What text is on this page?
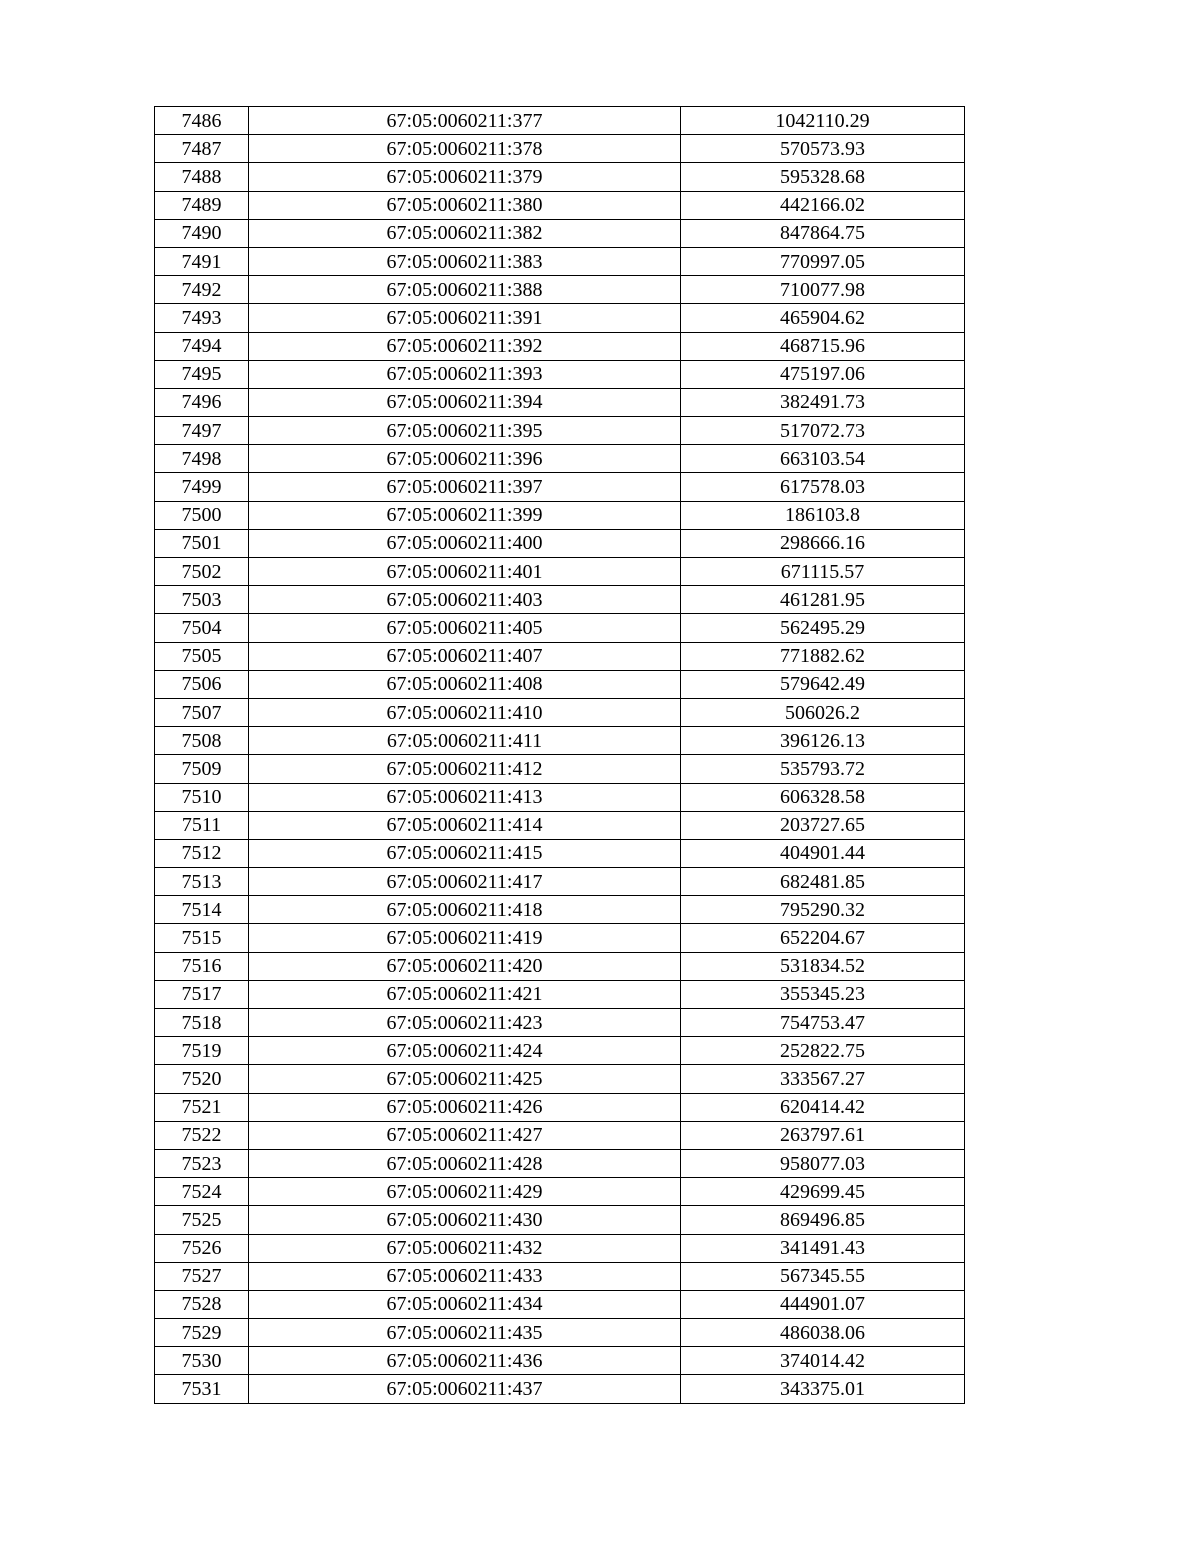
7486	67:05:0060211:377	1042110.29
7487	67:05:0060211:378	570573.93
7488	67:05:0060211:379	595328.68
7489	67:05:0060211:380	442166.02
7490	67:05:0060211:382	847864.75
7491	67:05:0060211:383	770997.05
7492	67:05:0060211:388	710077.98
7493	67:05:0060211:391	465904.62
7494	67:05:0060211:392	468715.96
7495	67:05:0060211:393	475197.06
7496	67:05:0060211:394	382491.73
7497	67:05:0060211:395	517072.73
7498	67:05:0060211:396	663103.54
7499	67:05:0060211:397	617578.03
7500	67:05:0060211:399	186103.8
7501	67:05:0060211:400	298666.16
7502	67:05:0060211:401	671115.57
7503	67:05:0060211:403	461281.95
7504	67:05:0060211:405	562495.29
7505	67:05:0060211:407	771882.62
7506	67:05:0060211:408	579642.49
7507	67:05:0060211:410	506026.2
7508	67:05:0060211:411	396126.13
7509	67:05:0060211:412	535793.72
7510	67:05:0060211:413	606328.58
7511	67:05:0060211:414	203727.65
7512	67:05:0060211:415	404901.44
7513	67:05:0060211:417	682481.85
7514	67:05:0060211:418	795290.32
7515	67:05:0060211:419	652204.67
7516	67:05:0060211:420	531834.52
7517	67:05:0060211:421	355345.23
7518	67:05:0060211:423	754753.47
7519	67:05:0060211:424	252822.75
7520	67:05:0060211:425	333567.27
7521	67:05:0060211:426	620414.42
7522	67:05:0060211:427	263797.61
7523	67:05:0060211:428	958077.03
7524	67:05:0060211:429	429699.45
7525	67:05:0060211:430	869496.85
7526	67:05:0060211:432	341491.43
7527	67:05:0060211:433	567345.55
7528	67:05:0060211:434	444901.07
7529	67:05:0060211:435	486038.06
7530	67:05:0060211:436	374014.42
7531	67:05:0060211:437	343375.01
